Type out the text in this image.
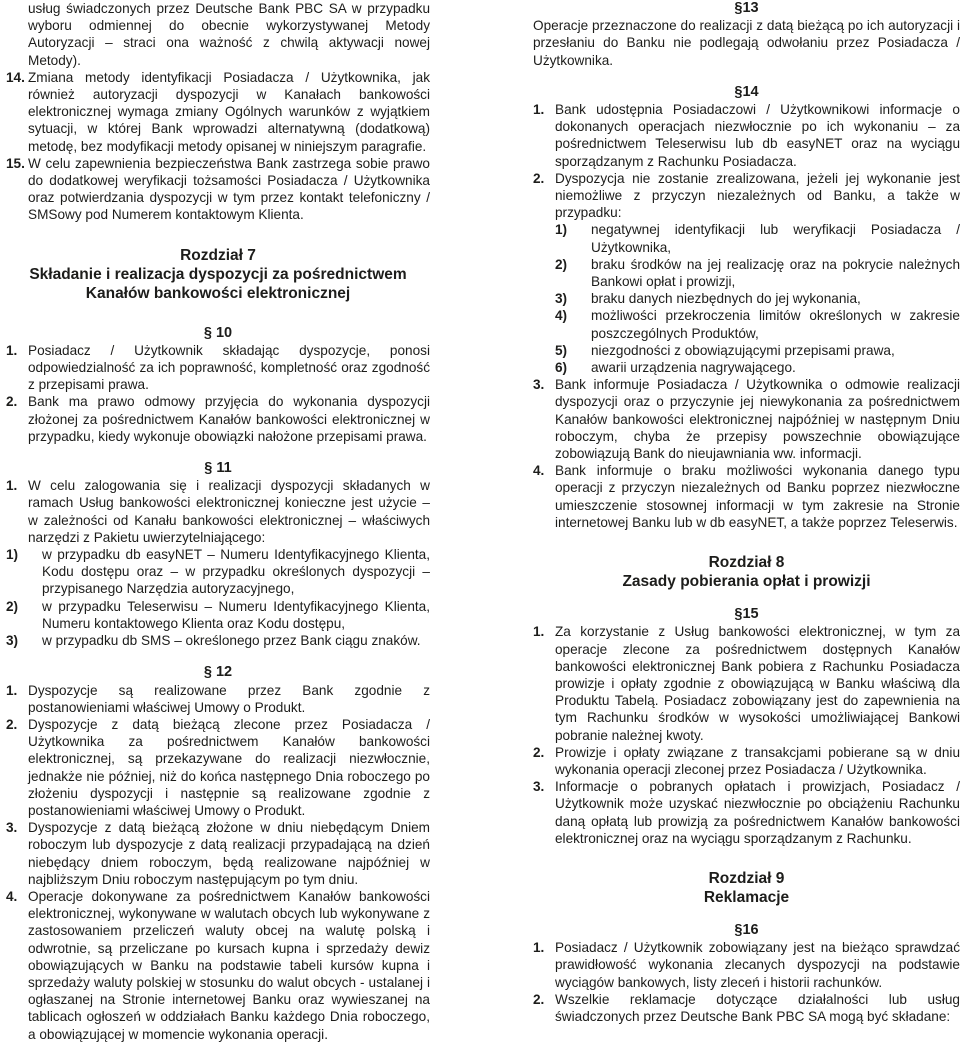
usług świadczonych przez Deutsche Bank PBC SA w przypadku wyboru odmiennej do obecnie wykorzystywanej Metody Autoryzacji – straci ona ważność z chwilą aktywacji nowej Metody).

14. Zmiana metody identyfikacji Posiadacza / Użytkownika, jak również autoryzacji dyspozycji w Kanałach bankowości elektronicznej wymaga zmiany Ogólnych warunków z wyjątkiem sytuacji, w której Bank wprowadzi alternatywną (dodatkową) metodę, bez modyfikacji metody opisanej w niniejszym paragrafie.
15. W celu zapewnienia bezpieczeństwa Bank zastrzega sobie prawo do dodatkowej weryfikacji tożsamości Posiadacza / Użytkownika oraz potwierdzania dyspozycji w tym przez kontakt telefoniczny / SMSowy pod Numerem kontaktowym Klienta.

Rozdział 7

Składanie i realizacja dyspozycji za pośrednictwem

Kanałów bankowości elektronicznej

§ 10

1. Posiadacz / Użytkownik składając dyspozycje, ponosi odpowiedzialność za ich poprawność, kompletność oraz zgodność z przepisami prawa.
2. Bank ma prawo odmowy przyjęcia do wykonania dyspozycji złożonej za pośrednictwem Kanałów bankowości elektronicznej w przypadku, kiedy wykonuje obowiązki nałożone przepisami prawa.

§ 11

1. W celu zalogowania się i realizacji dyspozycji składanych w ramach Usług bankowości elektronicznej konieczne jest użycie – w zależności od Kanału bankowości elektronicznej – właściwych narzędzi z Pakietu uwierzytelniającego:
1) w przypadku db easyNET – Numeru Identyfikacyjnego Klienta, Kodu dostępu oraz – w przypadku określonych dyspozycji – przypisanego Narzędzia autoryzacyjnego,
2) w przypadku Teleserwisu – Numeru Identyfikacyjnego Klienta, Numeru kontaktowego Klienta oraz Kodu dostępu,
3) w przypadku db SMS – określonego przez Bank ciągu znaków.

§ 12

1. Dyspozycje są realizowane przez Bank zgodnie z postanowieniami właściwej Umowy o Produkt.
2. Dyspozycje z datą bieżącą zlecone przez Posiadacza / Użytkownika za pośrednictwem Kanałów bankowości elektronicznej, są przekazywane do realizacji niezwłocznie, jednakże nie później, niż do końca następnego Dnia roboczego po złożeniu dyspozycji i następnie są realizowane zgodnie z postanowieniami właściwej Umowy o Produkt.
3. Dyspozycje z datą bieżącą złożone w dniu niebędącym Dniem roboczym lub dyspozycje z datą realizacji przypadającą na dzień niebędący dniem roboczym, będą realizowane najpóźniej w najbliższym Dniu roboczym następującym po tym dniu.
4. Operacje dokonywane za pośrednictwem Kanałów bankowości elektronicznej, wykonywane w walutach obcych lub wykonywane z zastosowaniem przeliczeń waluty obcej na walutę polską i odwrotnie, są przeliczane po kursach kupna i sprzedaży dewiz obowiązujących w Banku na podstawie tabeli kursów kupna i sprzedaży waluty polskiej w stosunku do walut obcych - ustalanej i ogłaszanej na Stronie internetowej Banku oraz wywieszanej na tablicach ogłoszeń w oddziałach Banku każdego Dnia roboczego, a obowiązującej w momencie wykonania operacji.

§13

Operacje przeznaczone do realizacji z datą bieżącą po ich autoryzacji i przesłaniu do Banku nie podlegają odwołaniu przez Posiadacza / Użytkownika.

§14

1. Bank udostępnia Posiadaczowi / Użytkownikowi informacje o dokonanych operacjach niezwłocznie po ich wykonaniu – za pośrednictwem Teleserwisu lub db easyNET oraz na wyciągu sporządzanym z Rachunku Posiadacza.
2. Dyspozycja nie zostanie zrealizowana, jeżeli jej wykonanie jest niemożliwe z przyczyn niezależnych od Banku, a także w przypadku:
1) negatywnej identyfikacji lub weryfikacji Posiadacza / Użytkownika,
2) braku środków na jej realizację oraz na pokrycie należnych Bankowi opłat i prowizji,
3) braku danych niezbędnych do jej wykonania,
4) możliwości przekroczenia limitów określonych w zakresie poszczególnych Produktów,
5) niezgodności z obowiązującymi przepisami prawa,
6) awarii urządzenia nagrywającego.
3. Bank informuje Posiadacza / Użytkownika o odmowie realizacji dyspozycji oraz o przyczynie jej niewykonania za pośrednictwem Kanałów bankowości elektronicznej najpóźniej w następnym Dniu roboczym, chyba że przepisy powszechnie obowiązujące zobowiązują Bank do nieujawniania ww. informacji.
4. Bank informuje o braku możliwości wykonania danego typu operacji z przyczyn niezależnych od Banku poprzez niezwłoczne umieszczenie stosownej informacji w tym zakresie na Stronie internetowej Banku lub w db easyNET, a także poprzez Teleserwis.

Rozdział 8

Zasady pobierania opłat i prowizji

§15

1. Za korzystanie z Usług bankowości elektronicznej, w tym za operacje zlecone za pośrednictwem dostępnych Kanałów bankowości elektronicznej Bank pobiera z Rachunku Posiadacza prowizje i opłaty zgodnie z obowiązującą w Banku właściwą dla Produktu Tabelą. Posiadacz zobowiązany jest do zapewnienia na tym Rachunku środków w wysokości umożliwiającej Bankowi pobranie należnej kwoty.
2. Prowizje i opłaty związane z transakcjami pobierane są w dniu wykonania operacji zleconej przez Posiadacza / Użytkownika.
3. Informacje o pobranych opłatach i prowizjach, Posiadacz / Użytkownik może uzyskać niezwłocznie po obciążeniu Rachunku daną opłatą lub prowizją za pośrednictwem Kanałów bankowości elektronicznej oraz na wyciągu sporządzanym z Rachunku.

Rozdział 9

Reklamacje

§16

1. Posiadacz / Użytkownik zobowiązany jest na bieżąco sprawdzać prawidłowość wykonania zlecanych dyspozycji na podstawie wyciągów bankowych, listy zleceń i historii rachunków.
2. Wszelkie reklamacje dotyczące działalności lub usług świadczonych przez Deutsche Bank PBC SA mogą być składane:
